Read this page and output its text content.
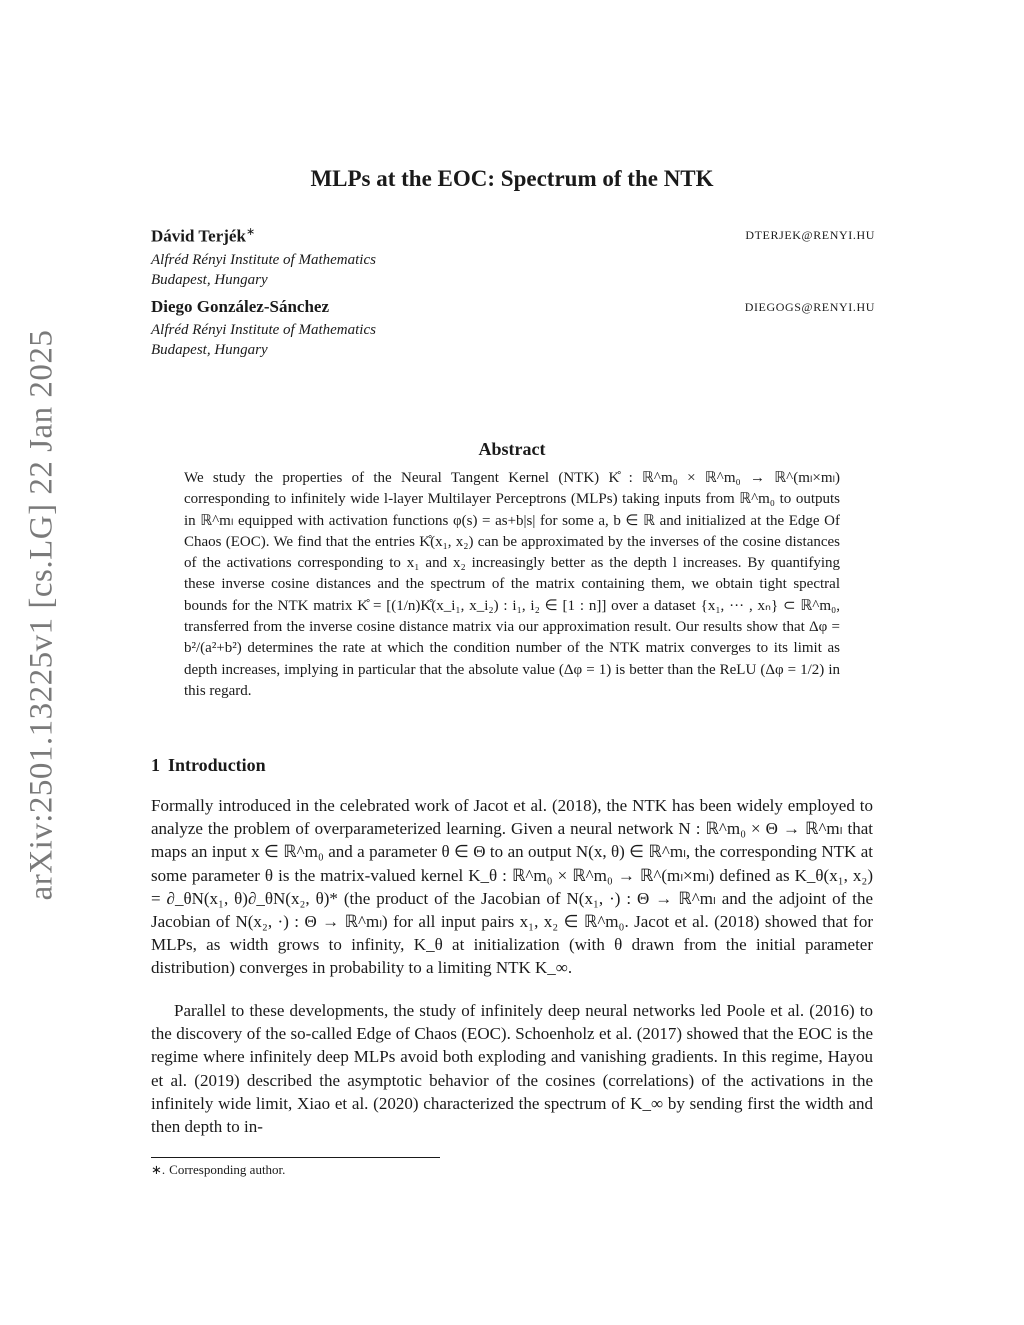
arXiv:2501.13225v1 [cs.LG] 22 Jan 2025
MLPs at the EOC: Spectrum of the NTK
Dávid Terjék∗	DTERJEK@RENYI.HU
Alfréd Rényi Institute of Mathematics
Budapest, Hungary
Diego González-Sánchez	DIEGOGS@RENYI.HU
Alfréd Rényi Institute of Mathematics
Budapest, Hungary
Abstract

We study the properties of the Neural Tangent Kernel (NTK) K̊ : ℝ^m₀ × ℝ^m₀ → ℝ^(mₗ×mₗ) corresponding to infinitely wide l-layer Multilayer Perceptrons (MLPs) taking inputs from ℝ^m₀ to outputs in ℝ^mₗ equipped with activation functions φ(s) = as+b|s| for some a, b ∈ ℝ and initialized at the Edge Of Chaos (EOC). We find that the entries K̊(x₁, x₂) can be approximated by the inverses of the cosine distances of the activations corresponding to x₁ and x₂ increasingly better as the depth l increases. By quantifying these inverse cosine distances and the spectrum of the matrix containing them, we obtain tight spectral bounds for the NTK matrix K̊ = [(1/n)K̊(x_i₁, x_i₂) : i₁, i₂ ∈ [1 : n]] over a dataset {x₁, ··· , xₙ} ⊂ ℝ^m₀, transferred from the inverse cosine distance matrix via our approximation result. Our results show that Δφ = b²/(a²+b²) determines the rate at which the condition number of the NTK matrix converges to its limit as depth increases, implying in particular that the absolute value (Δφ = 1) is better than the ReLU (Δφ = 1/2) in this regard.

1 Introduction

Formally introduced in the celebrated work of Jacot et al. (2018), the NTK has been widely employed to analyze the problem of overparameterized learning. Given a neural network N : ℝ^m₀ × Θ → ℝ^mₗ that maps an input x ∈ ℝ^m₀ and a parameter θ ∈ Θ to an output N(x, θ) ∈ ℝ^mₗ, the corresponding NTK at some parameter θ is the matrix-valued kernel K_θ : ℝ^m₀ × ℝ^m₀ → ℝ^(mₗ×mₗ) defined as K_θ(x₁, x₂) = ∂_θN(x₁, θ)∂_θN(x₂, θ)* (the product of the Jacobian of N(x₁, ·) : Θ → ℝ^mₗ and the adjoint of the Jacobian of N(x₂, ·) : Θ → ℝ^mₗ) for all input pairs x₁, x₂ ∈ ℝ^m₀. Jacot et al. (2018) showed that for MLPs, as width grows to infinity, K_θ at initialization (with θ drawn from the initial parameter distribution) converges in probability to a limiting NTK K_∞.

Parallel to these developments, the study of infinitely deep neural networks led Poole et al. (2016) to the discovery of the so-called Edge of Chaos (EOC). Schoenholz et al. (2017) showed that the EOC is the regime where infinitely deep MLPs avoid both exploding and vanishing gradients. In this regime, Hayou et al. (2019) described the asymptotic behavior of the cosines (correlations) of the activations in the infinitely wide limit, Xiao et al. (2020) characterized the spectrum of K_∞ by sending first the width and then depth to in-

∗. Corresponding author.
